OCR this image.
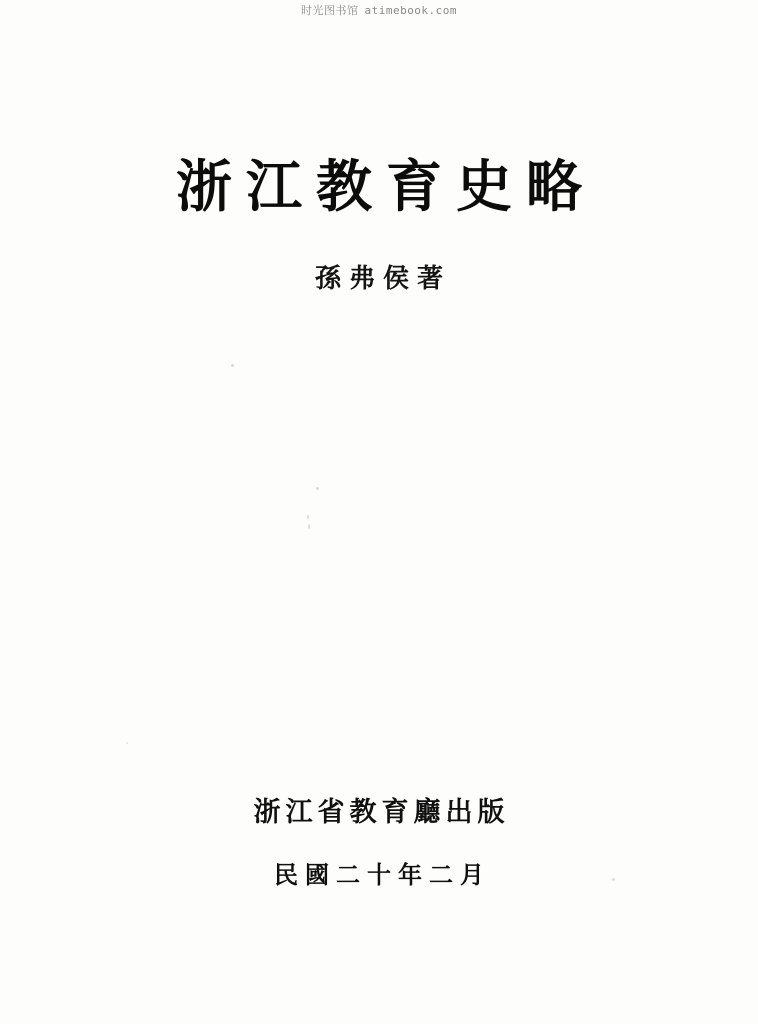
时光图书馆 atimebook.com
浙江教育史略
孫弗侯著
浙江省教育廳出版
民國二十年二月
